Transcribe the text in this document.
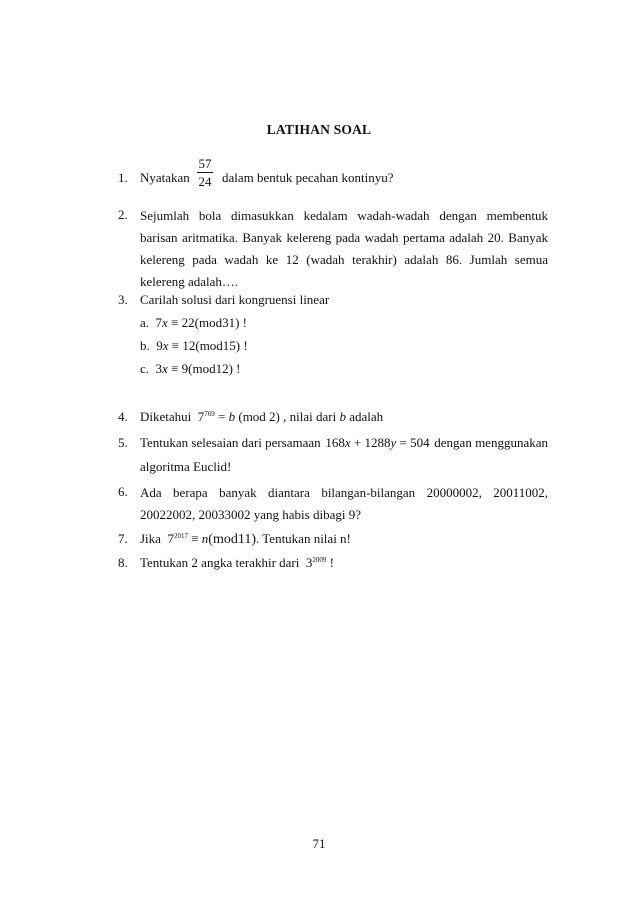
LATIHAN SOAL
1. Nyatakan
57
24 dalam bentuk pecahan kontinyu?
2. Sejumlah bola dimasukkan kedalam wadah-wadah dengan membentuk barisan aritmatika. Banyak kelereng pada wadah pertama adalah 20. Banyak kelereng pada wadah ke 12 (wadah terakhir) adalah 86. Jumlah semua kelereng adalah….
3. Carilah solusi dari kongruensi linear
a. 7x ≡ 22(mod31) !
b. 9x ≡ 12(mod15) !
c. 3x ≡ 9(mod12) !
4. Diketahui $7^{769} = b$ (mod 2) , nilai dari b adalah
5. Tentukan selesaian dari persamaan 168x + 1288y = 504 dengan menggunakan
algoritma Euclid!
6. Ada berapa banyak diantara bilangan-bilangan 20000002, 20011002, 20022002, 20033002 yang habis dibagi 9?
7. Jika $7^{2017} \equiv n(mod11)$. Tentukan nilai n!
8. Tentukan 2 angka terakhir dari $3^{2009}$ !
71
